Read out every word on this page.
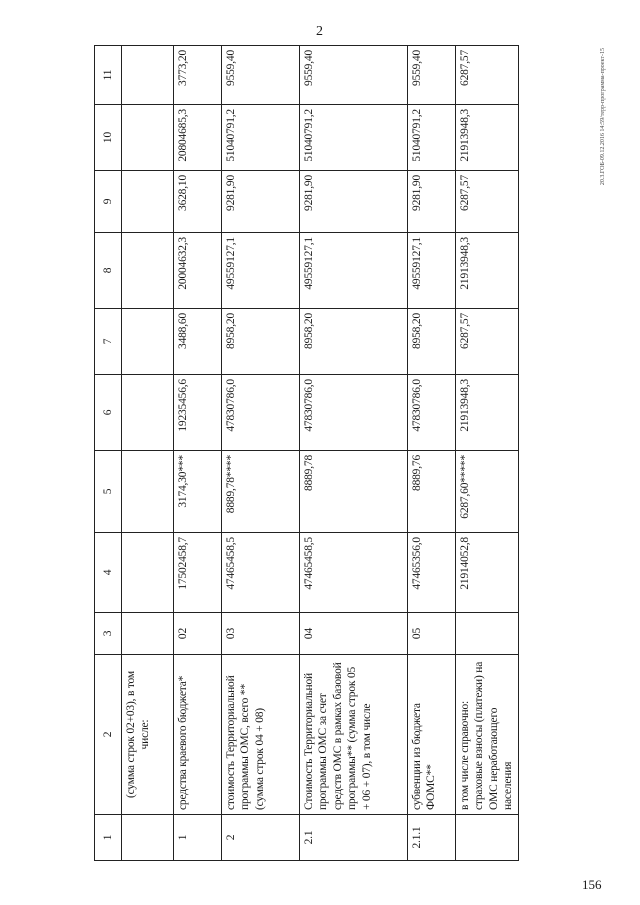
2
20.3.ГОБ-09.12.2016 14:59/терр-программа-проект-15
1	2	3	4	5	6	7	8	9	10	11
	(сумма строк 02+03), в том числе:									
1	средства краевого бюджета*	02	17502458,7	3174,30***	19235456,6	3488,60	20004632,3	3628,10	20804685,3	3773,20
2	стоимость Территориальной программы ОМС, всего ** (сумма строк 04 + 08)	03	47465458,5	8889,78****	47830786,0	8958,20	49559127,1	9281,90	51040791,2	9559,40
2.1	Стоимость Территориальной программы ОМС за счет средств ОМС в рамках базовой программы** (сумма строк 05 + 06 + 07), в том числе	04	47465458,5	8889,78	47830786,0	8958,20	49559127,1	9281,90	51040791,2	9559,40
2.1.1	субвенции из бюджета ФОМС**	05	47465356,0	8889,76	47830786,0	8958,20	49559127,1	9281,90	51040791,2	9559,40
	в том числе справочно: страховые взносы (платежи) на ОМС неработающего населения		21914052,8	6287,60*****	21913948,3	6287,57	21913948,3	6287,57	21913948,3	6287,57
156
